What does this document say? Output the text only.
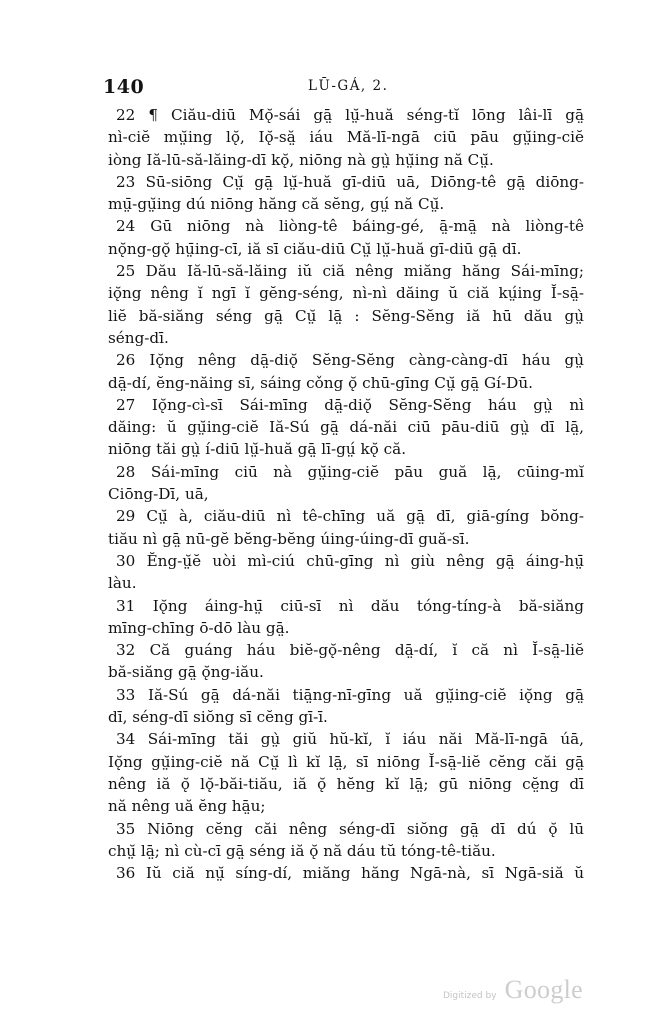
140	LŪ-GÁ, 2.
22 ¶ Ciău-diū Mǫ̆-sái gā̤ lṳ̆-huă séng-tĭ lōng lâi-lī gā̤
nì-ciĕ mṳ̆ing lǫ̆, Iǫ̆-să̤ iáu Mă-lī-ngā ciū pāu gṳ̆ing-ciĕ
iòng Iă-lū-să-lăing-dī kǫ̆, niōng nà gṳ̀ hṳ̆ing nă Cṳ̆.
23 Sū-siōng Cṳ̆ gā̤ lṳ̆-huă gī-diū uā, Diōng-tê gā̤ diōng-
mṳ̄-gṳ̆ing dú niōng hăng că sĕng, gṳ́ nă Cṳ̆.
24 Gū niōng nà liòng-tê báing-gé, ā̤-mā̤ nà liòng-tê
nǫ̆ng-gǫ̆ hṳ̄ing-cī, iă sī ciău-diū Cṳ̆ lṳ̆-huă gī-diū gā̤ dī.
25 Dău Iă-lū-să-lăing iŭ ciă nêng miăng hăng Sái-mīng;
iǫ̆ng nêng ĭ ngī ĭ gĕng-séng, nì-nì dăing ŭ ciă kṳ́ing Ĭ-sā̤-
liĕ bă-siăng séng gā̤ Cṳ̆ lā̤ : Sĕng-Sĕng iă hū dău gṳ̀
séng-dī.
26 Iǫ̆ng nêng dā̤-diǫ̆ Sĕng-Sĕng càng-càng-dī háu gṳ̀
dā̤-dí, ĕng-năing sī, sáing cǒng ǫ̆ chū-gīng Cṳ̆ gā̤ Gí-Dū.
27 Iǫ̆ng-cì-sī Sái-mīng dā̤-diǫ̆ Sĕng-Sĕng háu gṳ̀ nì
dăing: ŭ gṳ̆ing-ciĕ Iă-Sú gā̤ dá-năi ciū pāu-diū gṳ̀ dī lā̤,
niōng tăi gṳ̀ í-diū lṳ̆-huă gā̤ lī-gṳ́ kǫ̆ că.
28 Sái-mīng ciū nà gṳ̆ing-ciĕ pāu guă lā̤, cūing-mĭ
Ciōng-Dī, uā,
29 Cṳ̆ à, ciău-diū nì tê-chīng uă gā̤ dī, giā-gíng bŏng-
tiău nì gā̤ nū-gĕ bĕng-bĕng úing-úing-dī guă-sī.
30 Ĕng-ṳ̆ĕ uòi mì-ciú chū-gīng nì giù nêng gā̤ áing-hṳ̄
làu.
31 Iǫ̆ng áing-hṳ̄ ciū-sī nì dău tóng-tíng-à bă-siăng
mīng-chīng ō-dō làu gā̤.
32 Că guáng háu biĕ-gǫ̆-nêng dā̤-dí, ĭ că nì Ĭ-sā̤-liĕ
bă-siăng gā̤ ǫ̆ng-iău.
33 Iă-Sú gā̤ dá-năi tiā̤ng-nī-gīng uă gṳ̆ing-ciĕ iǫ̆ng gā̤
dī, séng-dī siŏng sī cĕng gī-ī.
34 Sái-mīng tăi gṳ̀ giŭ hŭ-kĭ, ĭ iáu năi Mă-lī-ngā úā,
Iǫ̆ng gṳ̆ing-ciĕ nă Cṳ̆ lì kĭ lā̤, sī niōng Ĭ-sā̤-liĕ cĕng căi gā̤
nêng iă ǫ̆ lǫ̆-băi-tiău, iă ǫ̆ hĕng kĭ lā̤; gū niōng cĕ̤ng dī
nă nêng uă ĕng hā̤u;
35 Niōng cĕng căi nêng séng-dī siŏng gā̤ dī dú ǫ̆ lū
chṳ̆ lā̤; nì cù-cī gā̤ séng iă ǫ̆ nă dáu tŭ tóng-tê-tiău.
36 Iŭ ciă nṳ̆ síng-dí, miăng hăng Ngā-nà, sī Ngā-siă ŭ
Digitized by Google
